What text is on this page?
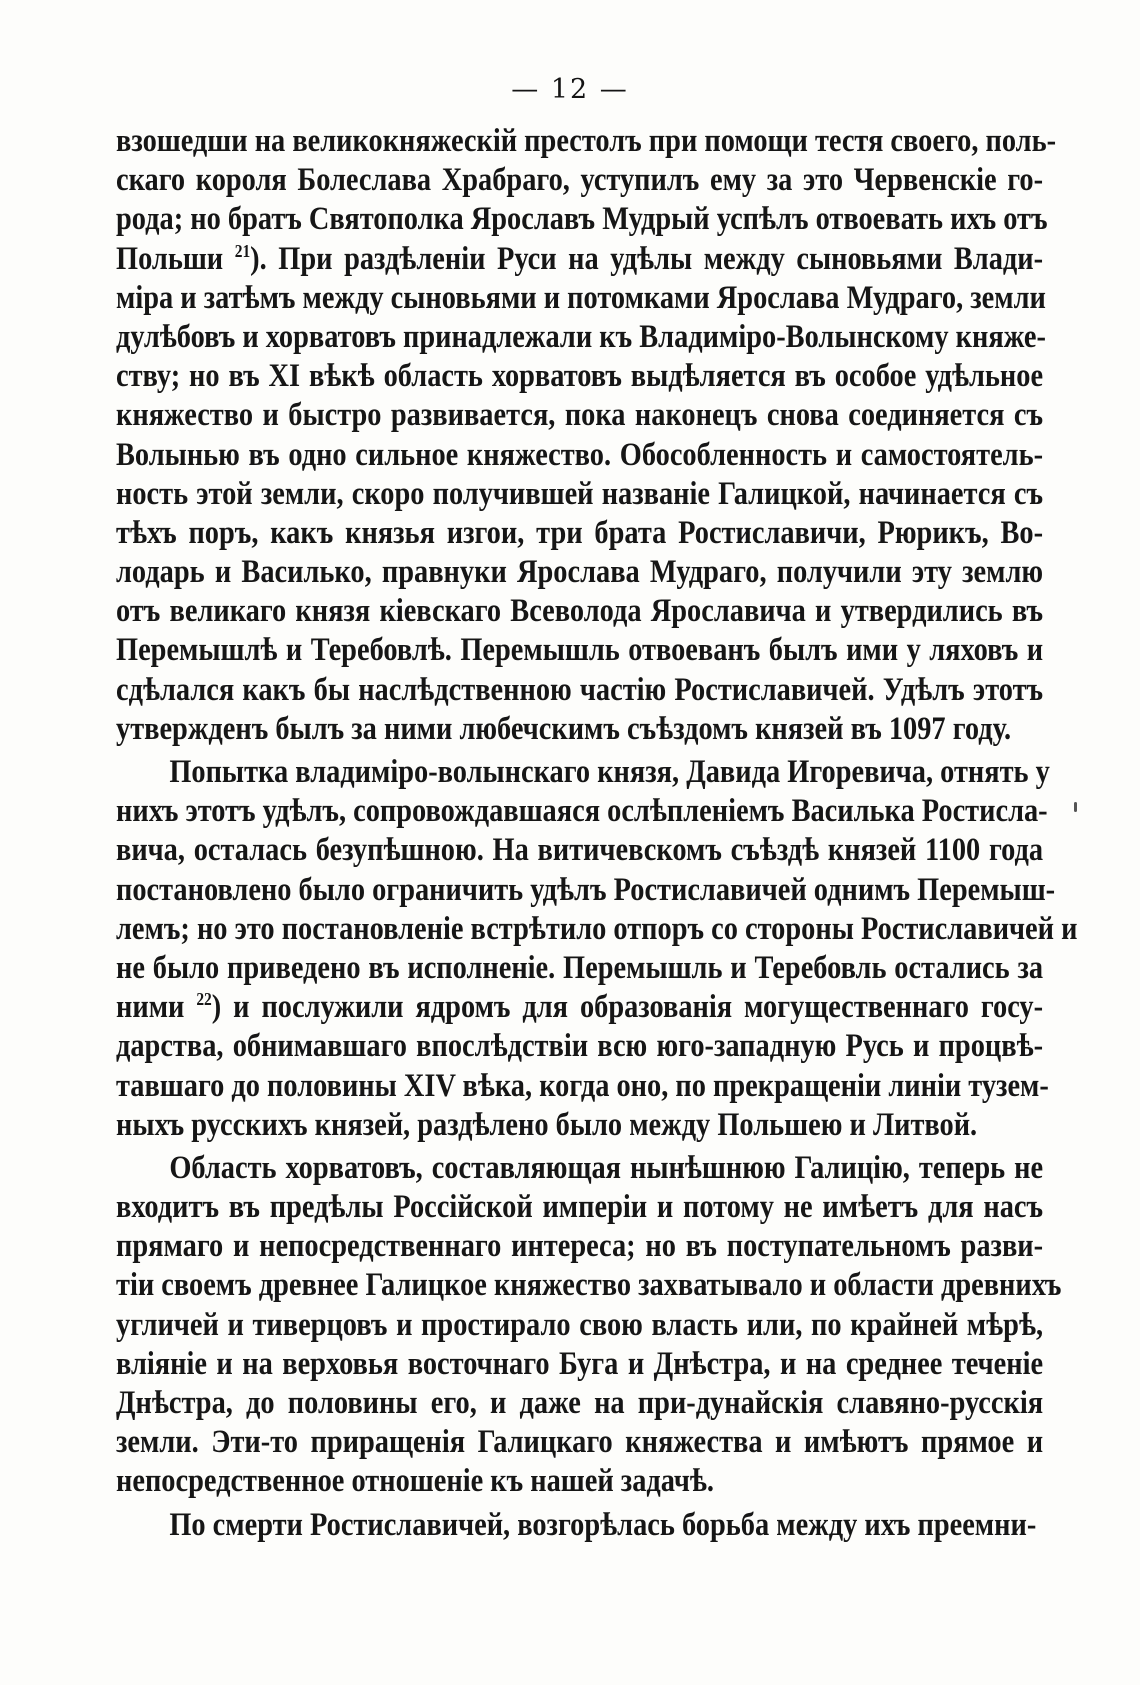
— 12 —
взошедши на великокняжескій престолъ при помощи тестя своего, поль-
скаго короля Болеслава Храбраго, уступилъ ему за это Червенскіе го-
рода; но братъ Святополка Ярославъ Мудрый успѣлъ отвоевать ихъ отъ
Польши $^{21}$). При раздѣленіи Руси на удѣлы между сыновьями Влади-
міра и затѣмъ между сыновьями и потомками Ярослава Мудраго, земли
дулѣбовъ и хорватовъ принадлежали къ Владиміро-Волынскому княже-
ству; но въ XI вѣкѣ область хорватовъ выдѣляется въ особое удѣльное
княжество и быстро развивается, пока наконецъ снова соединяется съ
Волынью въ одно сильное княжество. Обособленность и самостоятель-
ность этой земли, скоро получившей названіе Галицкой, начинается съ
тѣхъ поръ, какъ князья изгои, три брата Ростиславичи, Рюрикъ, Во-
лодарь и Василько, правнуки Ярослава Мудраго, получили эту землю
отъ великаго князя кіевскаго Всеволода Ярославича и утвердились въ
Перемышлѣ и Теребовлѣ. Перемышль отвоеванъ былъ ими у ляховъ и
сдѣлался какъ бы наслѣдственною частію Ростиславичей. Удѣлъ этотъ
утвержденъ былъ за ними любечскимъ съѣздомъ князей въ 1097 году.
Попытка владиміро-волынскаго князя, Давида Игоревича, отнять у
нихъ этотъ удѣлъ, сопровождавшаяся ослѣпленіемъ Василька Ростисла-
вича, осталась безупѣшною. На витичевскомъ съѣздѣ князей 1100 года
постановлено было ограничить удѣлъ Ростиславичей однимъ Перемыш-
лемъ; но это постановленіе встрѣтило отпоръ со стороны Ростиславичей и
не было приведено въ исполненіе. Перемышль и Теребовль остались за
ними $^{22}$) и послужили ядромъ для образованія могущественнаго госу-
дарства, обнимавшаго впослѣдствіи всю юго-западную Русь и процвѣ-
тавшаго до половины XIV вѣка, когда оно, по прекращеніи линіи тузем-
ныхъ русскихъ князей, раздѣлено было между Польшею и Литвой.
Область хорватовъ, составляющая нынѣшнюю Галицію, теперь не
входитъ въ предѣлы Россійской имперіи и потому не имѣетъ для насъ
прямаго и непосредственнаго интереса; но въ поступательномъ разви-
тіи своемъ древнее Галицкое княжество захватывало и области древнихъ
угличей и тиверцовъ и простирало свою власть или, по крайней мѣрѣ,
вліяніе и на верховья восточнаго Буга и Днѣстра, и на среднее теченіе
Днѣстра, до половины его, и даже на при-дунайскія славяно-русскія
земли. Эти-то приращенія Галицкаго княжества и имѣютъ прямое и
непосредственное отношеніе къ нашей задачѣ.
По смерти Ростиславичей, возгорѣлась борьба между ихъ преемни-
